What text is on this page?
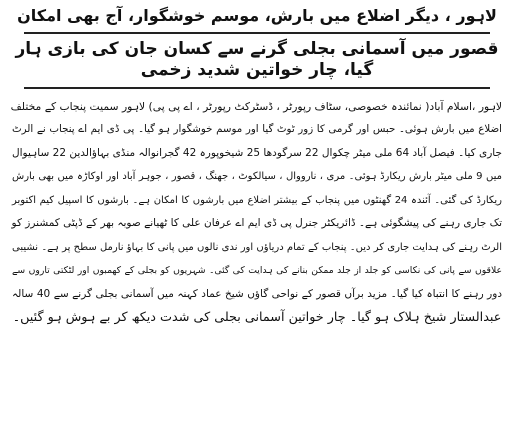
لاہور ، دیگر اضلاع میں بارش، موسم خوشگوار، آج بھی امکان

قصور میں آسمانی بجلی گرنے سے کسان جان کی بازی ہار گیا، چار خواتین شدید زخمی

لاہور ،اسلام آباد( نمائندہ خصوصی، سٹاف رپورٹر ، ڈسٹرکٹ رپورٹر ، اے پی پی) لاہور سمیت پنجاب کے مختلف

اضلاع میں بارش ہوئی۔ حبس اور گرمی کا زور ٹوٹ گیا اور موسم خوشگوار ہو گیا۔ پی ڈی ایم اے پنجاب نے الرٹ

جاری کیا۔ فیصل آباد 64 ملی میٹر چکوال 22 سرگودھا 25 شیخوپورہ 42 گجرانوالہ منڈی بہاؤالدین 22 ساہیوال

میں 9 ملی میٹر بارش ریکارڈ ہوئی۔ مری ، نارووال ، سیالکوٹ ، جھنگ ، قصور ، جوہر آباد اور اوکاڑہ میں بھی بارش

ریکارڈ کی گئی۔ آئندہ 24 گھنٹوں میں پنجاب کے بیشتر اضلاع میں بارشوں کا امکان ہے۔ بارشوں کا اسپیل کیم اکتوبر

تک جاری رہنے کی پیشگوئی ہے۔ ڈائریکٹر جنرل پی ڈی ایم اے عرفان علی کا ٹھیانے صوبہ بھر کے ڈپٹی کمشنرز کو

الرٹ رہنے کی ہدایت جاری کر دیں۔ پنجاب کے تمام دریاؤں اور ندی نالوں میں پانی کا بہاؤ نارمل سطح پر ہے۔ نشیبی

علاقوں سے پانی کی نکاسی کو جلد از جلد ممکن بنانے کی ہدایت کی گئی۔ شہریوں کو بجلی کے کھمبوں اور لٹکتی تاروں سے

دور رہنے کا انتباہ کیا گیا۔ مزید برآں قصور کے نواحی گاؤں شیخ عماد کہنہ میں آسمانی بجلی گرنے سے 40 سالہ

عبدالستار شیخ ہلاک ہو گیا۔ چار خواتین آسمانی بجلی کی شدت دیکھ کر بے ہوش ہو گئیں۔
